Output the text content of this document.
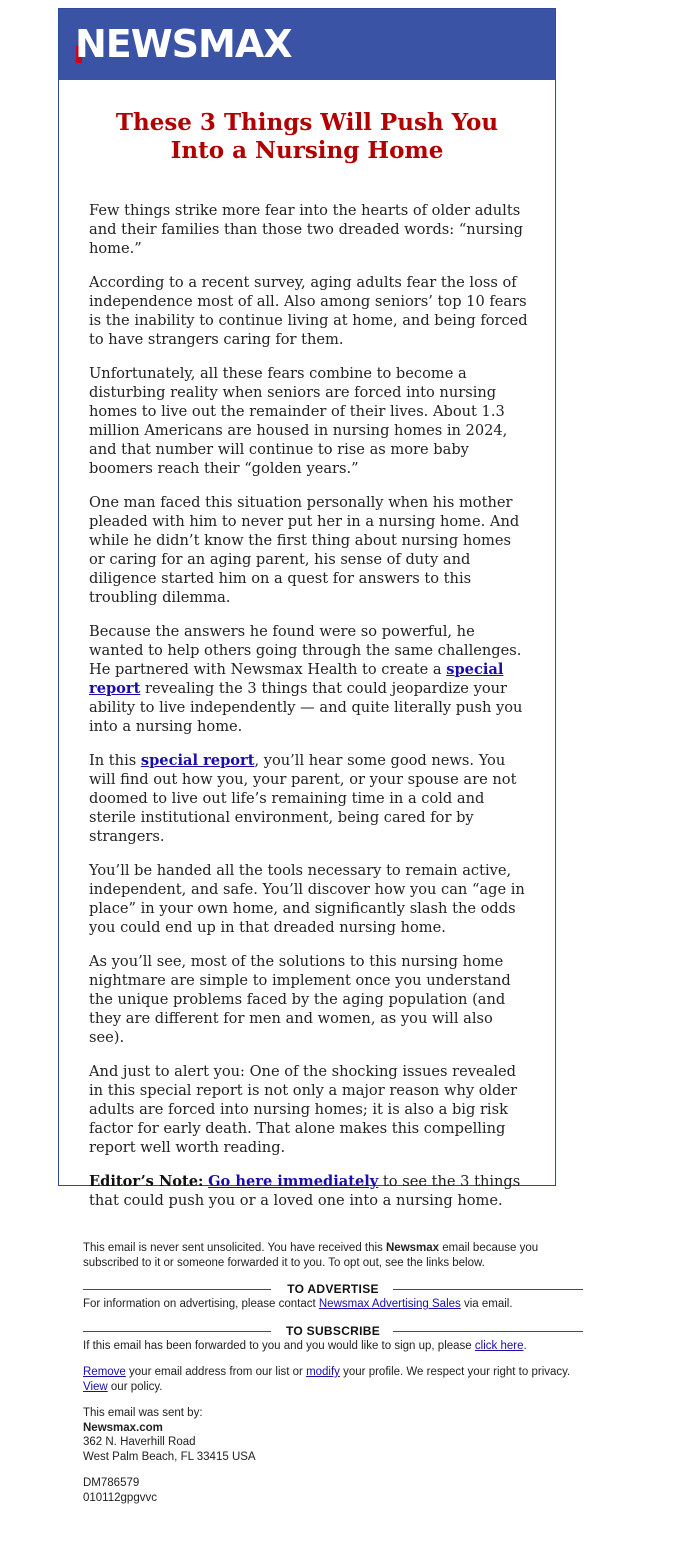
NEWSMAX
These 3 Things Will Push You
Into a Nursing Home

Few things strike more fear into the hearts of older adults and their families than those two dreaded words: “nursing home.”

According to a recent survey, aging adults fear the loss of independence most of all. Also among seniors’ top 10 fears is the inability to continue living at home, and being forced to have strangers caring for them.

Unfortunately, all these fears combine to become a disturbing reality when seniors are forced into nursing homes to live out the remainder of their lives. About 1.3 million Americans are housed in nursing homes in 2024, and that number will continue to rise as more baby boomers reach their “golden years.”

One man faced this situation personally when his mother pleaded with him to never put her in a nursing home. And while he didn’t know the first thing about nursing homes or caring for an aging parent, his sense of duty and diligence started him on a quest for answers to this troubling dilemma.

Because the answers he found were so powerful, he wanted to help others going through the same challenges. He partnered with Newsmax Health to create a special report revealing the 3 things that could jeopardize your ability to live independently — and quite literally push you into a nursing home.

In this special report, you’ll hear some good news. You will find out how you, your parent, or your spouse are not doomed to live out life’s remaining time in a cold and sterile institutional environment, being cared for by strangers.

You’ll be handed all the tools necessary to remain active, independent, and safe. You’ll discover how you can “age in place” in your own home, and significantly slash the odds you could end up in that dreaded nursing home.

As you’ll see, most of the solutions to this nursing home nightmare are simple to implement once you understand the unique problems faced by the aging population (and they are different for men and women, as you will also see).

And just to alert you: One of the shocking issues revealed in this special report is not only a major reason why older adults are forced into nursing homes; it is also a big risk factor for early death. That alone makes this compelling report well worth reading.

Editor’s Note: Go here immediately to see the 3 things that could push you or a loved one into a nursing home.

This email is never sent unsolicited. You have received this Newsmax email because you subscribed to it or someone forwarded it to you. To opt out, see the links below.

TO ADVERTISE

For information on advertising, please contact Newsmax Advertising Sales via email.

TO SUBSCRIBE

If this email has been forwarded to you and you would like to sign up, please click here.

Remove your email address from our list or modify your profile. We respect your right to privacy. View our policy.

This email was sent by:
Newsmax.com
362 N. Haverhill Road
West Palm Beach, FL 33415 USA

DM786579
010112gpgvvc
